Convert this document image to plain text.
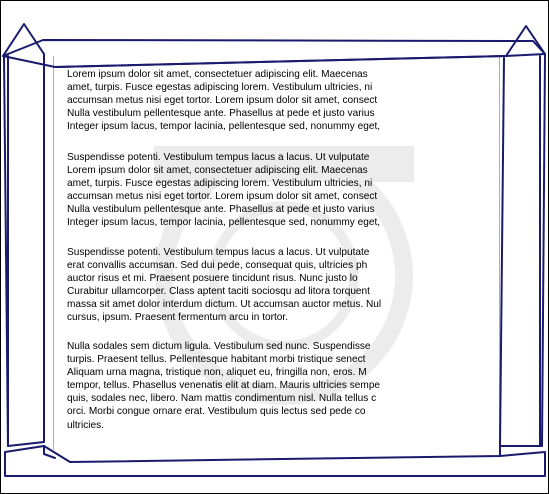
Lorem ipsum dolor sit amet, consectetuer adipiscing elit. Maecenas
amet, turpis. Fusce egestas adipiscing lorem. Vestibulum ultricies, ni
accumsan metus nisi eget tortor. Lorem ipsum dolor sit amet, consect
Nulla vestibulum pellentesque ante. Phasellus at pede et justo varius
Integer ipsum lacus, tempor lacinia, pellentesque sed, nonummy eget,
Suspendisse potenti. Vestibulum tempus lacus a lacus. Ut vulputate
Lorem ipsum dolor sit amet, consectetuer adipiscing elit. Maecenas
amet, turpis. Fusce egestas adipiscing lorem. Vestibulum ultricies, ni
accumsan metus nisi eget tortor. Lorem ipsum dolor sit amet, consect
Nulla vestibulum pellentesque ante. Phasellus at pede et justo varius
Integer ipsum lacus, tempor lacinia, pellentesque sed, nonummy eget,
Suspendisse potenti. Vestibulum tempus lacus a lacus. Ut vulputate
erat convallis accumsan. Sed dui pede, consequat quis, ultricies ph
auctor risus et mi. Praesent posuere tincidunt risus. Nunc justo lo
Curabitur ullamcorper. Class aptent taciti sociosqu ad litora torquent
massa sit amet dolor interdum dictum. Ut accumsan auctor metus. Nul
cursus, ipsum. Praesent fermentum arcu in tortor.
Nulla sodales sem dictum ligula. Vestibulum sed nunc. Suspendisse
turpis. Praesent tellus. Pellentesque habitant morbi tristique senect
Aliquam urna magna, tristique non, aliquet eu, fringilla non, eros. M
tempor, tellus. Phasellus venenatis elit at diam. Mauris ultricies sempe
quis, sodales nec, libero. Nam mattis condimentum nisl. Nulla tellus c
orci. Morbi congue ornare erat. Vestibulum quis lectus sed pede co
ultricies.
